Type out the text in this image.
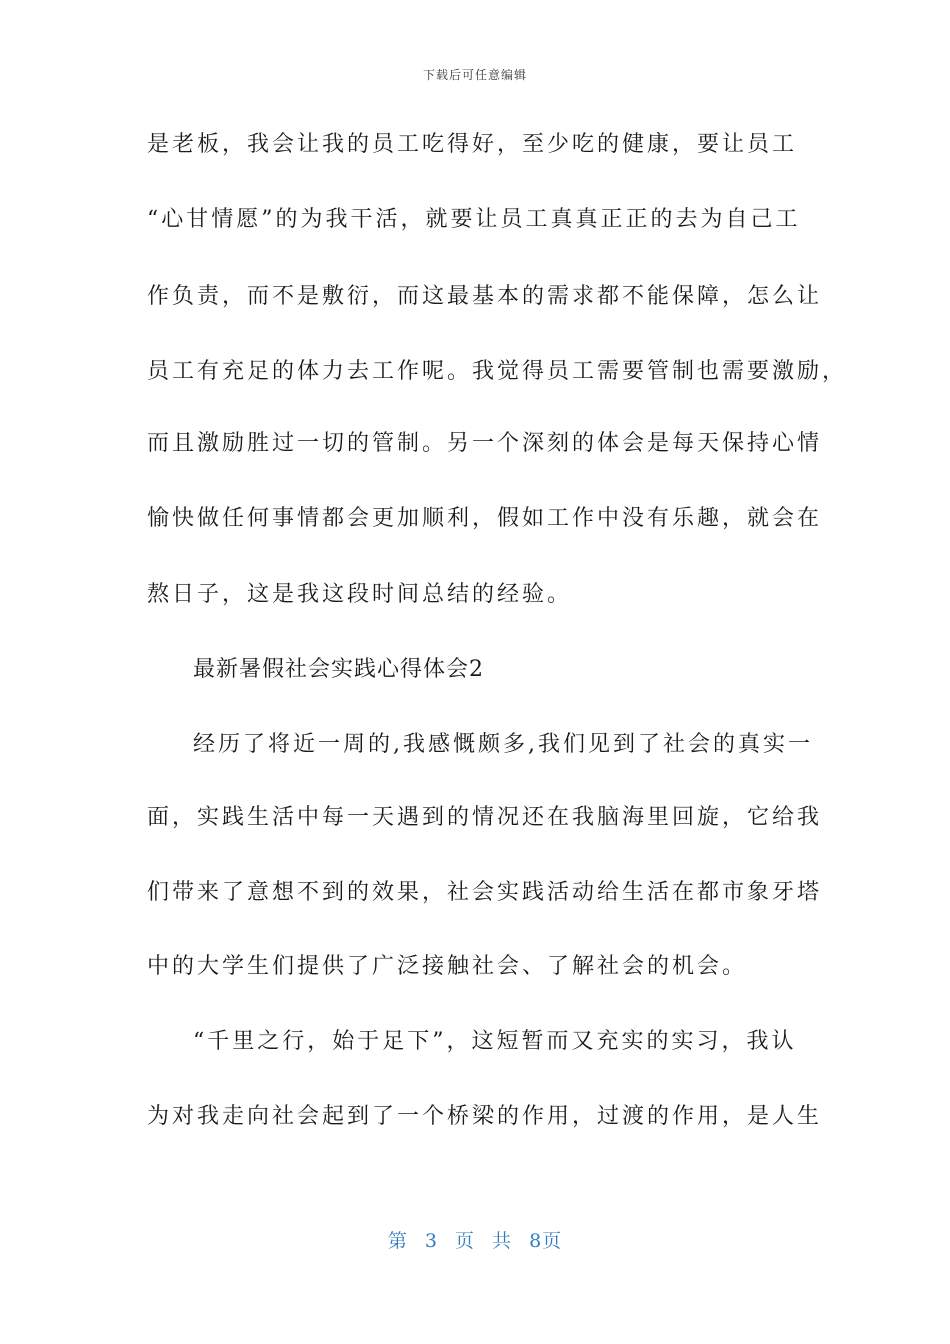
下载后可任意编辑
是老板，我会让我的员工吃得好，至少吃的健康，要让员工
“心甘情愿”的为我干活，就要让员工真真正正的去为自己工
作负责，而不是敷衍，而这最基本的需求都不能保障，怎么让
员工有充足的体力去工作呢。我觉得员工需要管制也需要激励，
而且激励胜过一切的管制。另一个深刻的体会是每天保持心情
愉快做任何事情都会更加顺利，假如工作中没有乐趣，就会在
熬日子，这是我这段时间总结的经验。
最新暑假社会实践心得体会2
经历了将近一周的,我感慨颇多,我们见到了社会的真实一
面，实践生活中每一天遇到的情况还在我脑海里回旋，它给我
们带来了意想不到的效果，社会实践活动给生活在都市象牙塔
中的大学生们提供了广泛接触社会、了解社会的机会。
“千里之行，始于足下”，这短暂而又充实的实习，我认
为对我走向社会起到了一个桥梁的作用，过渡的作用，是人生
第 3 页 共 8页
